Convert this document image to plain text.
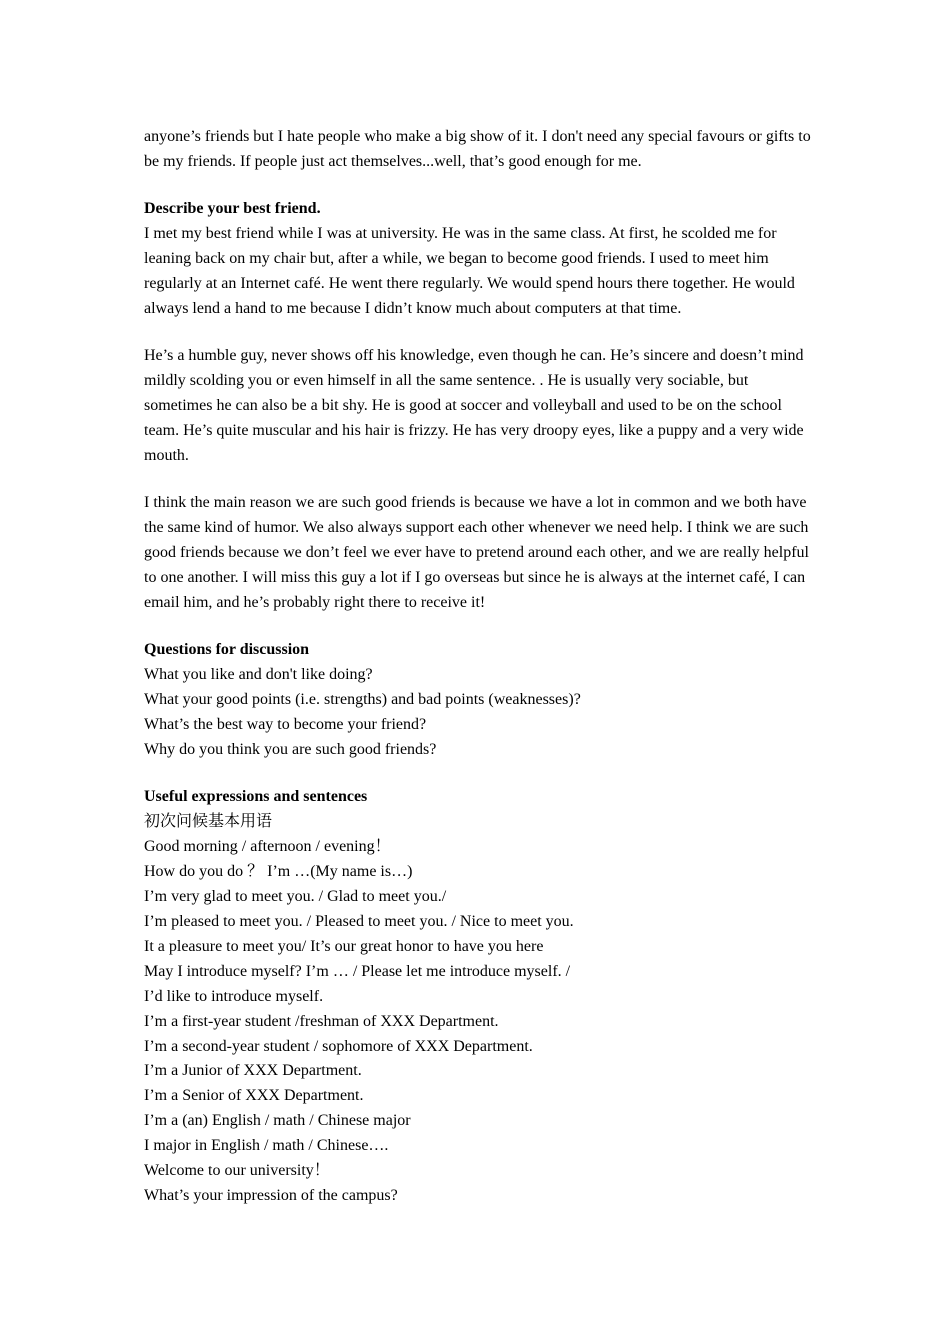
anyone’s friends but I hate people who make a big show of it. I don't need any special favours or gifts to be my friends. If people just act themselves...well, that’s good enough for me.

Describe your best friend.

I met my best friend while I was at university. He was in the same class. At first, he scolded me for leaning back on my chair but, after a while, we began to become good friends. I used to meet him regularly at an Internet café. He went there regularly. We would spend hours there together. He would always lend a hand to me because I didn’t know much about computers at that time.

He’s a humble guy, never shows off his knowledge, even though he can. He’s sincere and doesn’t mind mildly scolding you or even himself in all the same sentence. . He is usually very sociable, but sometimes he can also be a bit shy. He is good at soccer and volleyball and used to be on the school team. He’s quite muscular and his hair is frizzy. He has very droopy eyes, like a puppy and a very wide mouth.

I think the main reason we are such good friends is because we have a lot in common and we both have the same kind of humor. We also always support each other whenever we need help. I think we are such good friends because we don’t feel we ever have to pretend around each other, and we are really helpful to one another. I will miss this guy a lot if I go overseas but since he is always at the internet café, I can email him, and he’s probably right there to receive it!

Questions for discussion
What you like and don't like doing?
What your good points (i.e. strengths) and bad points (weaknesses)?
What’s the best way to become your friend?
Why do you think you are such good friends?
Useful expressions and sentences
初次问候基本用语
Good morning / afternoon / evening！
How do you do ？ I’m …(My name is…)
I’m very glad to meet you. / Glad to meet you./
I’m pleased to meet you. / Pleased to meet you. / Nice to meet you.
It a pleasure to meet you/ It’s our great honor to have you here
May I introduce myself? I’m … / Please let me introduce myself. /
I’d like to introduce myself.
I’m a first-year student /freshman of XXX Department.
I’m a second-year student / sophomore of XXX Department.
I’m a Junior of XXX Department.
I’m a Senior of XXX Department.
I’m a (an) English / math / Chinese major
I major in English / math / Chinese….
Welcome to our university！
What’s your impression of the campus?
